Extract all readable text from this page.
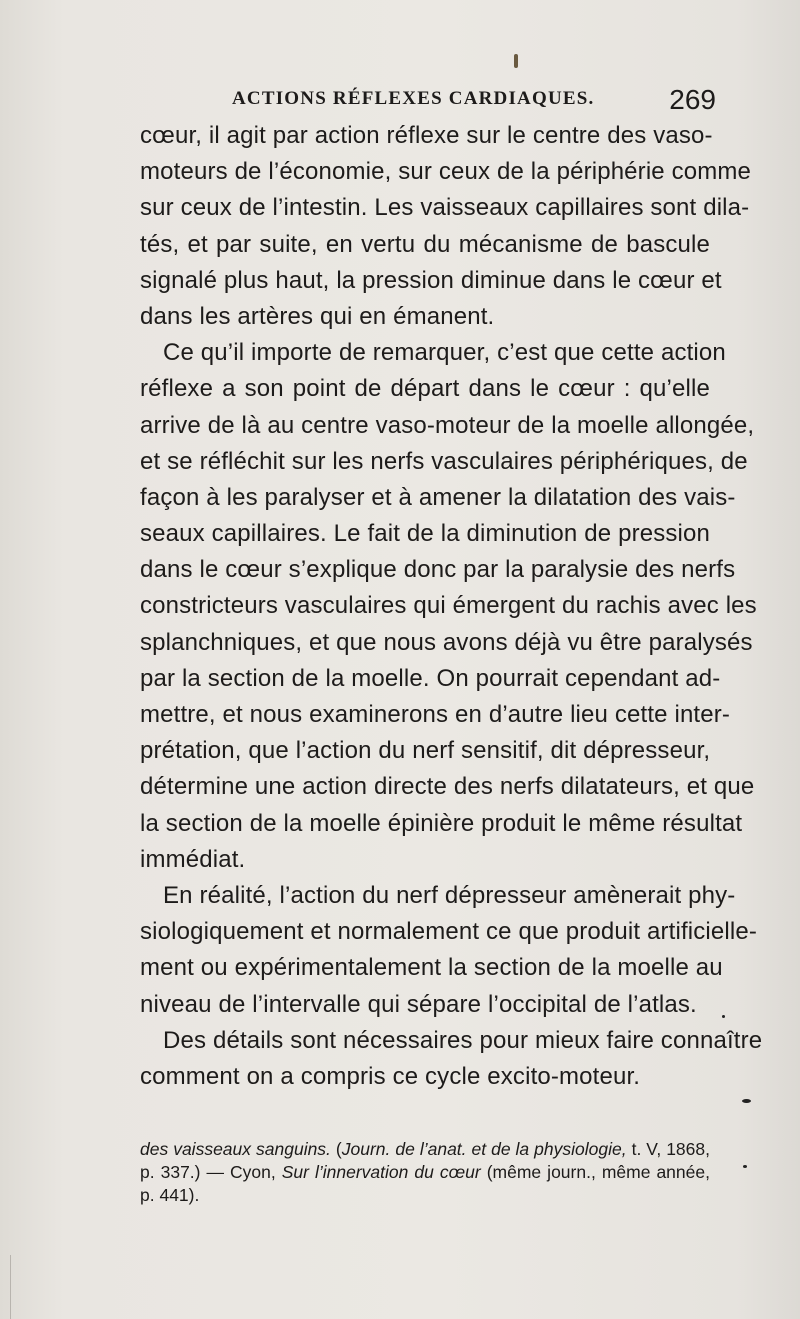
ACTIONS RÉFLEXES CARDIAQUES.	269
cœur, il agit par action réflexe sur le centre des vaso-
moteurs de l’économie, sur ceux de la périphérie comme
sur ceux de l’intestin. Les vaisseaux capillaires sont dila-
tés, et par suite, en vertu du mécanisme de bascule
signalé plus haut, la pression diminue dans le cœur et
dans les artères qui en émanent.
Ce qu’il importe de remarquer, c’est que cette action
réflexe a son point de départ dans le cœur : qu’elle
arrive de là au centre vaso-moteur de la moelle allongée,
et se réfléchit sur les nerfs vasculaires périphériques, de
façon à les paralyser et à amener la dilatation des vais-
seaux capillaires. Le fait de la diminution de pression
dans le cœur s’explique donc par la paralysie des nerfs
constricteurs vasculaires qui émergent du rachis avec les
splanchniques, et que nous avons déjà vu être paralysés
par la section de la moelle. On pourrait cependant ad-
mettre, et nous examinerons en d’autre lieu cette inter-
prétation, que l’action du nerf sensitif, dit dépresseur,
détermine une action directe des nerfs dilatateurs, et que
la section de la moelle épinière produit le même résultat
immédiat.
En réalité, l’action du nerf dépresseur amènerait phy-
siologiquement et normalement ce que produit artificielle-
ment ou expérimentalement la section de la moelle au
niveau de l’intervalle qui sépare l’occipital de l’atlas.
Des détails sont nécessaires pour mieux faire connaître
comment on a compris ce cycle excito-moteur.
des vaisseaux sanguins. (Journ. de l’anat. et de la physiologie, t. V, 1868,
p. 337.) — Cyon, Sur l’innervation du cœur (même journ., même année,
p. 441).
